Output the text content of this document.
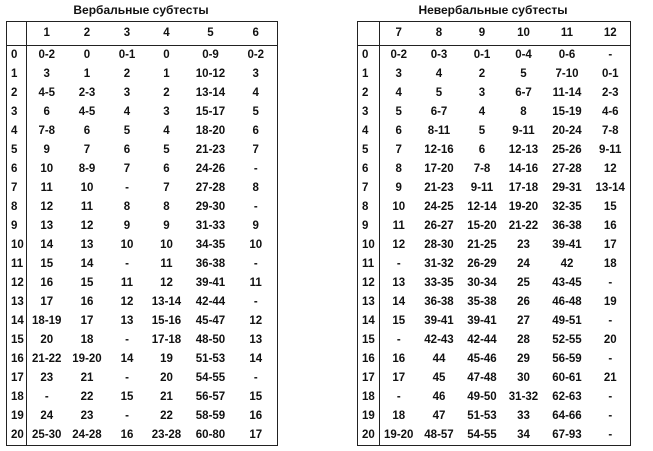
Вербальные субтесты	Невербальные субтесты
	1	2	3	4	5	6
0	0-2	0	0-1	0	0-9	0-2
1	3	1	2	1	10-12	3
2	4-5	2-3	3	2	13-14	4
3	6	4-5	4	3	15-17	5
4	7-8	6	5	4	18-20	6
5	9	7	6	5	21-23	7
6	10	8-9	7	6	24-26	-
7	11	10	-	7	27-28	8
8	12	11	8	8	29-30	-
9	13	12	9	9	31-33	9
10	14	13	10	10	34-35	10
11	15	14	-	11	36-38	-
12	16	15	11	12	39-41	11
13	17	16	12	13-14	42-44	-
14	18-19	17	13	15-16	45-47	12
15	20	18	-	17-18	48-50	13
16	21-22	19-20	14	19	51-53	14
17	23	21	-	20	54-55	-
18	-	22	15	21	56-57	15
19	24	23	-	22	58-59	16
20	25-30	24-28	16	23-28	60-80	17
	7	8	9	10	11	12
0	0-2	0-3	0-1	0-4	0-6	-
1	3	4	2	5	7-10	0-1
2	4	5	3	6-7	11-14	2-3
3	5	6-7	4	8	15-19	4-6
4	6	8-11	5	9-11	20-24	7-8
5	7	12-16	6	12-13	25-26	9-11
6	8	17-20	7-8	14-16	27-28	12
7	9	21-23	9-11	17-18	29-31	13-14
8	10	24-25	12-14	19-20	32-35	15
9	11	26-27	15-20	21-22	36-38	16
10	12	28-30	21-25	23	39-41	17
11	-	31-32	26-29	24	42	18
12	13	33-35	30-34	25	43-45	-
13	14	36-38	35-38	26	46-48	19
14	15	39-41	39-41	27	49-51	-
15	-	42-43	42-44	28	52-55	20
16	16	44	45-46	29	56-59	-
17	17	45	47-48	30	60-61	21
18	-	46	49-50	31-32	62-63	-
19	18	47	51-53	33	64-66	-
20	19-20	48-57	54-55	34	67-93	-
